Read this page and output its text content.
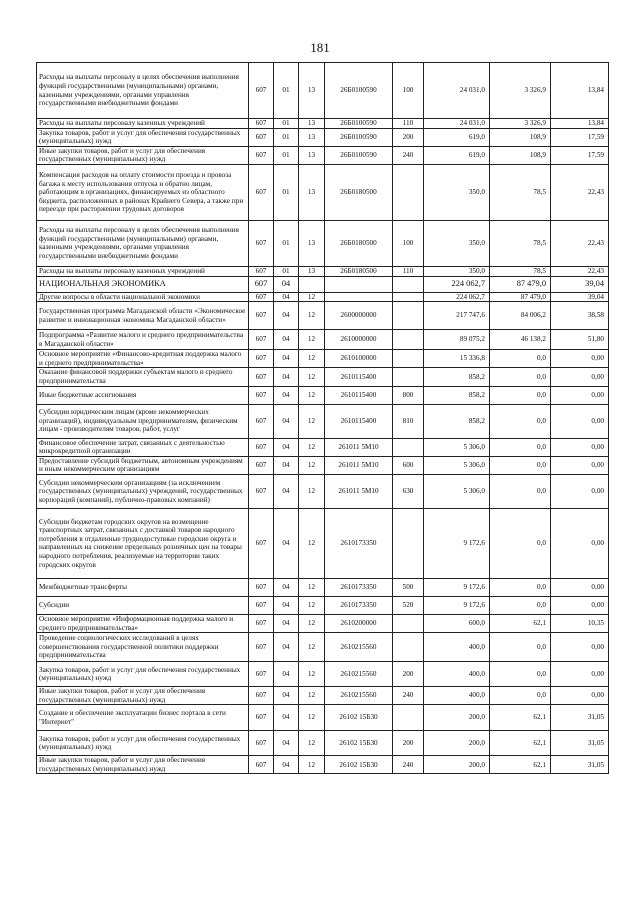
181
Расходы на выплаты персоналу в целях обеспечения выполнения функций государственными (муниципальными) органами, казенными учреждениями, органами управления государственными внебюджетными фондами	607	01	13	26Б0100590	100	24 031,0	3 326,9	13,84
Расходы на выплаты персоналу казенных учреждений	607	01	13	26Б0100590	110	24 031,0	3 326,9	13,84
Закупка товаров, работ и услуг для обеспечения государственных (муниципальных) нужд	607	01	13	26Б0100590	200	619,0	108,9	17,59
Иные закупки товаров, работ и услуг для обеспечения государственных (муниципальных) нужд	607	01	13	26Б0100590	240	619,0	108,9	17,59
Компенсация расходов на оплату стоимости проезда и провоза багажа к месту использования отпуска и обратно лицам, работающим в организациях, финансируемых из областного бюджета, расположенных в районах Крайнего Севера, а также при переезде при расторжении трудовых договоров	607	01	13	26Б0180500		350,0	78,5	22,43
Расходы на выплаты персоналу в целях обеспечения выполнения функций государственными (муниципальными) органами, казенными учреждениями, органами управления государственными внебюджетными фондами	607	01	13	26Б0180500	100	350,0	78,5	22,43
Расходы на выплаты персоналу казенных учреждений	607	01	13	26Б0180500	110	350,0	78,5	22,43
НАЦИОНАЛЬНАЯ ЭКОНОМИКА	607	04				224 062,7	87 479,0	39,04
Другие вопросы в области национальной экономики	607	04	12			224 062,7	87 479,0	39,04
Государственная программа Магаданской области «Экономическое развитие и инновационная экономика Магаданской области»	607	04	12	2600000000		217 747,6	84 006,2	38,58
Подпрограмма «Развитие малого и среднего предпринимательства в Магаданской области»	607	04	12	2610000000		89 075,2	46 138,2	51,80
Основное мероприятие «Финансово-кредитная поддержка малого и среднего предпринимательства»	607	04	12	2610100000		15 336,8	0,0	0,00
Оказание финансовой поддержки субъектам малого и среднего предпринимательства	607	04	12	2610115400		858,2	0,0	0,00
Иные бюджетные ассигнования	607	04	12	2610115400	800	858,2	0,0	0,00
Субсидии юридическим лицам (кроме некоммерческих организаций), индивидуальным предпринимателям, физическим лицам - производителям товаров, работ, услуг	607	04	12	2610115400	810	858,2	0,0	0,00
Финансовое обеспечение затрат, связанных с деятельностью микрокредитной организации	607	04	12	261011 5М10		5 306,0	0,0	0,00
Предоставление субсидий бюджетным, автономным учреждениям и иным некоммерческим организациям	607	04	12	261011 5М10	600	5 306,0	0,0	0,00
Субсидии некоммерческим организациям (за исключением государственных (муниципальных) учреждений, государственных корпораций (компаний), публично-правовых компаний)	607	04	12	261011 5М10	630	5 306,0	0,0	0,00
Субсидии бюджетам городских округов на возмещение транспортных затрат, связанных с доставкой товаров народного потребления в отдаленные труднодоступные городские округа и направленных на снижение предельных розничных цен на товары народного потребления, реализуемые на территории таких городских округов	607	04	12	2610173350		9 172,6	0,0	0,00
Межбюджетные трансферты	607	04	12	2610173350	500	9 172,6	0,0	0,00
Субсидии	607	04	12	2610173350	520	9 172,6	0,0	0,00
Основное мероприятие «Информационная поддержка малого и среднего предпринимательства»	607	04	12	2610200000		600,0	62,1	10,35
Проведение социологических исследований в целях совершенствования государственной политики поддержки предпринимательства	607	04	12	2610215560		400,0	0,0	0,00
Закупка товаров, работ и услуг для обеспечения государственных (муниципальных) нужд	607	04	12	2610215560	200	400,0	0,0	0,00
Иные закупки товаров, работ и услуг для обеспечения государственных (муниципальных) нужд	607	04	12	2610215560	240	400,0	0,0	0,00
Создание и обеспечение эксплуатации бизнес портала в сети "Интернет"	607	04	12	26102 15Б30		200,0	62,1	31,05
Закупка товаров, работ и услуг для обеспечения государственных (муниципальных) нужд	607	04	12	26102 15Б30	200	200,0	62,1	31,05
Иные закупки товаров, работ и услуг для обеспечения государственных (муниципальных) нужд	607	04	12	26102 15Б30	240	200,0	62,1	31,05
